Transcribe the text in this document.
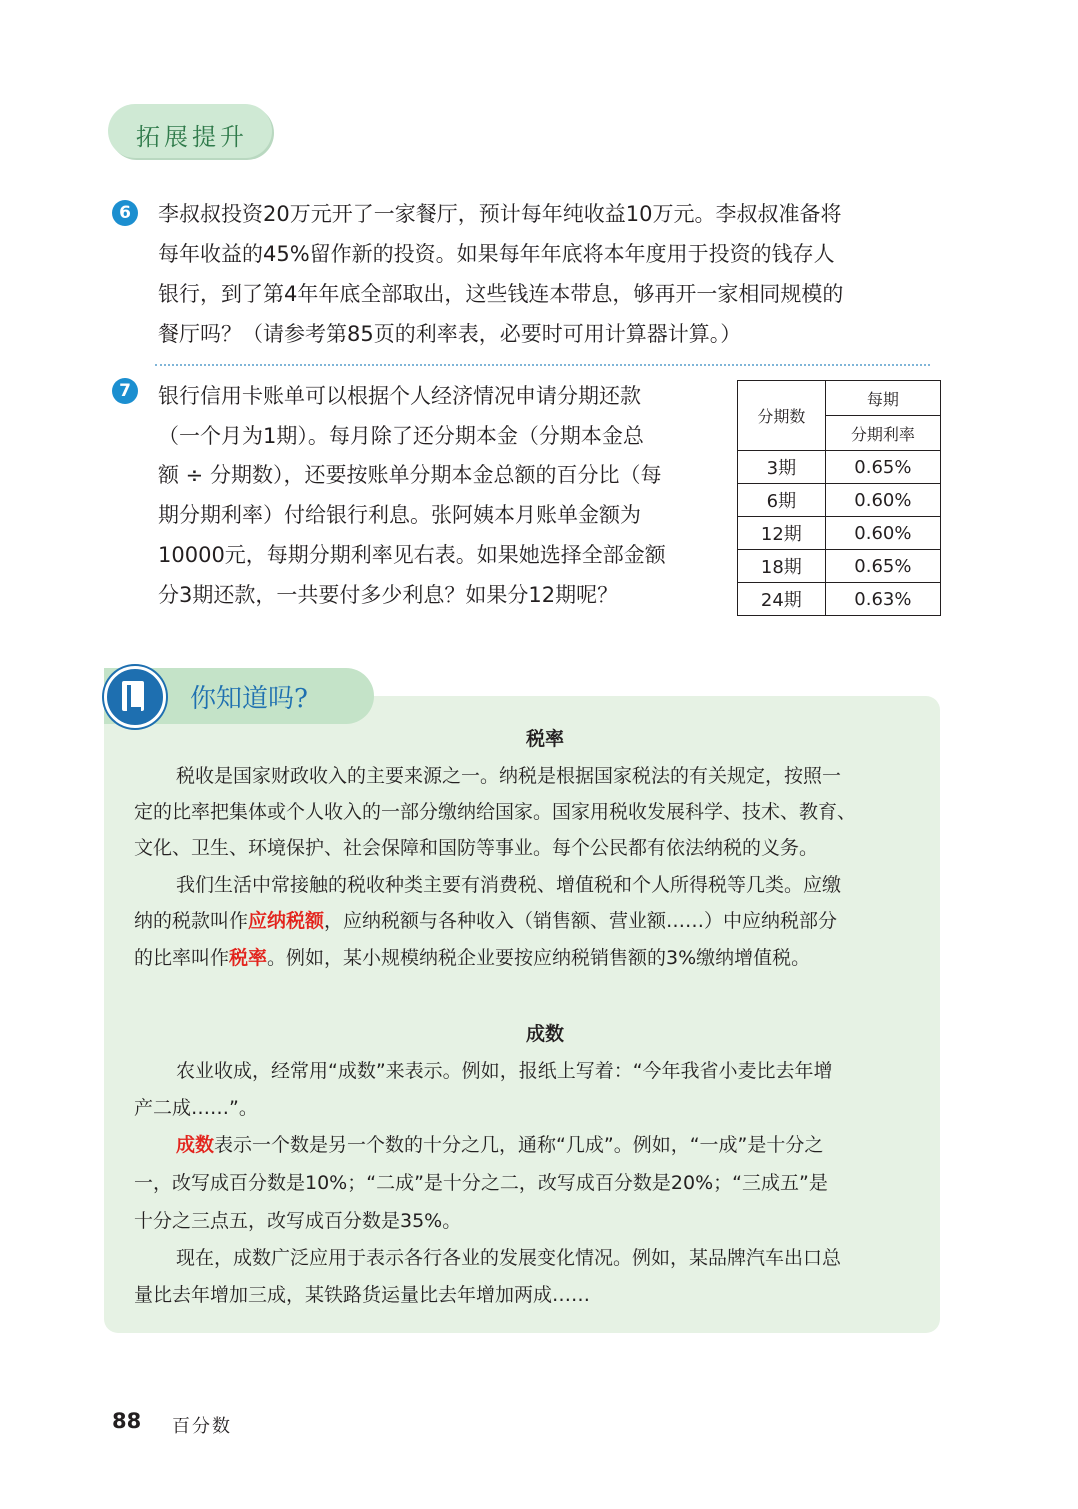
拓展提升
6	李叔叔投资20万元开了一家餐厅，预计每年纯收益10万元。李叔叔准备将
每年收益的45%留作新的投资。如果每年年底将本年度用于投资的钱存人
银行，到了第4年年底全部取出，这些钱连本带息，够再开一家相同规模的
餐厅吗？（请参考第85页的利率表，必要时可用计算器计算。）
7	银行信用卡账单可以根据个人经济情况申请分期还款
（一个月为1期）。每月除了还分期本金（分期本金总
额 ÷ 分期数），还要按账单分期本金总额的百分比（每
期分期利率）付给银行利息。张阿姨本月账单金额为
10000元，每期分期利率见右表。如果她选择全部金额
分3期还款，一共要付多少利息？如果分12期呢？
分期数	每期
	分期利率
3期	0.65%
6期	0.60%
12期	0.60%
18期	0.65%
24期	0.63%
你知道吗?
税率
税收是国家财政收入的主要来源之一。纳税是根据国家税法的有关规定，按照一
定的比率把集体或个人收入的一部分缴纳给国家。国家用税收发展科学、技术、教育、
文化、卫生、环境保护、社会保障和国防等事业。每个公民都有依法纳税的义务。
我们生活中常接触的税收种类主要有消费税、增值税和个人所得税等几类。应缴
纳的税款叫作应纳税额，应纳税额与各种收入（销售额、营业额……）中应纳税部分
的比率叫作税率。例如，某小规模纳税企业要按应纳税销售额的3%缴纳增值税。
成数
农业收成，经常用“成数”来表示。例如，报纸上写着：“今年我省小麦比去年增
产二成……”。
成数表示一个数是另一个数的十分之几，通称“几成”。例如，“一成”是十分之
一，改写成百分数是10%；“二成”是十分之二，改写成百分数是20%；“三成五”是
十分之三点五，改写成百分数是35%。
现在，成数广泛应用于表示各行各业的发展变化情况。例如，某品牌汽车出口总
量比去年增加三成，某铁路货运量比去年增加两成……
88 百分数
